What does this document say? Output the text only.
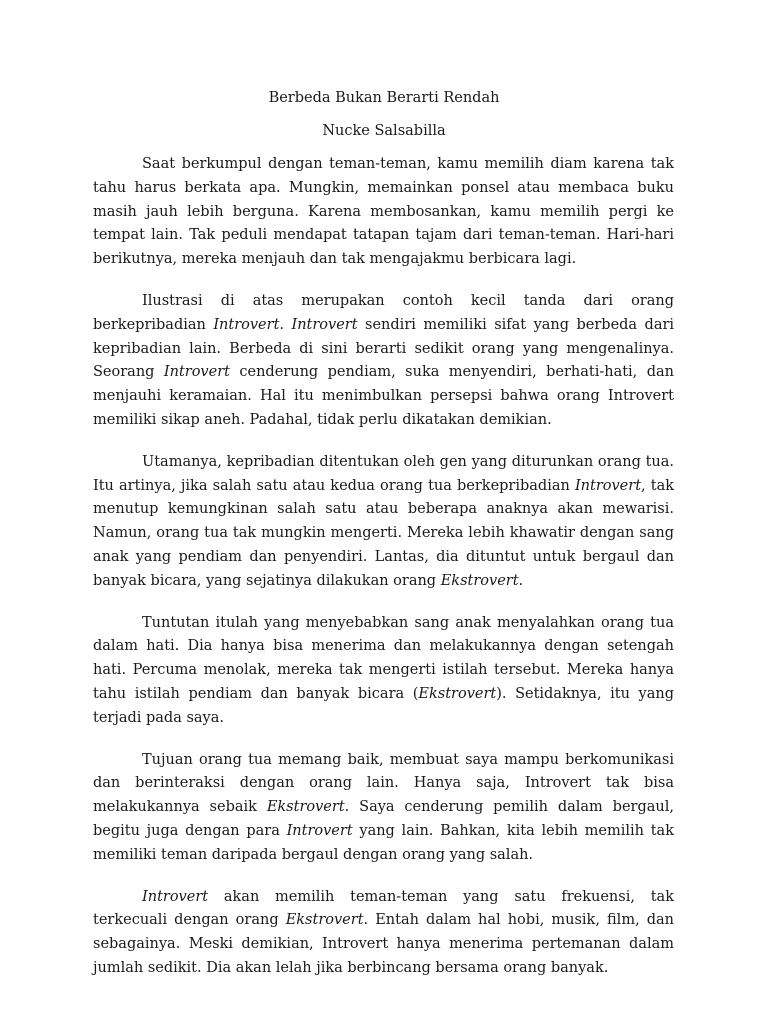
Berbeda Bukan Berarti Rendah
Nucke Salsabilla

Saat berkumpul dengan teman-teman, kamu memilih diam karena tak tahu harus berkata apa. Mungkin, memainkan ponsel atau membaca buku masih jauh lebih berguna. Karena membosankan, kamu memilih pergi ke tempat lain. Tak peduli mendapat tatapan tajam dari teman-teman. Hari-hari berikutnya, mereka menjauh dan tak mengajakmu berbicara lagi.

Ilustrasi di atas merupakan contoh kecil tanda dari orang berkepribadian Introvert. Introvert sendiri memiliki sifat yang berbeda dari kepribadian lain. Berbeda di sini berarti sedikit orang yang mengenalinya. Seorang Introvert cenderung pendiam, suka menyendiri, berhati-hati, dan menjauhi keramaian. Hal itu menimbulkan persepsi bahwa orang Introvert memiliki sikap aneh. Padahal, tidak perlu dikatakan demikian.

Utamanya, kepribadian ditentukan oleh gen yang diturunkan orang tua. Itu artinya, jika salah satu atau kedua orang tua berkepribadian Introvert, tak menutup kemungkinan salah satu atau beberapa anaknya akan mewarisi. Namun, orang tua tak mungkin mengerti. Mereka lebih khawatir dengan sang anak yang pendiam dan penyendiri. Lantas, dia dituntut untuk bergaul dan banyak bicara, yang sejatinya dilakukan orang Ekstrovert.

Tuntutan itulah yang menyebabkan sang anak menyalahkan orang tua dalam hati. Dia hanya bisa menerima dan melakukannya dengan setengah hati. Percuma menolak, mereka tak mengerti istilah tersebut. Mereka hanya tahu istilah pendiam dan banyak bicara (Ekstrovert). Setidaknya, itu yang terjadi pada saya.

Tujuan orang tua memang baik, membuat saya mampu berkomunikasi dan berinteraksi dengan orang lain. Hanya saja, Introvert tak bisa melakukannya sebaik Ekstrovert. Saya cenderung pemilih dalam bergaul, begitu juga dengan para Introvert yang lain. Bahkan, kita lebih memilih tak memiliki teman daripada bergaul dengan orang yang salah.

Introvert akan memilih teman-teman yang satu frekuensi, tak terkecuali dengan orang Ekstrovert. Entah dalam hal hobi, musik, film, dan sebagainya. Meski demikian, Introvert hanya menerima pertemanan dalam jumlah sedikit. Dia akan lelah jika berbincang bersama orang banyak.
